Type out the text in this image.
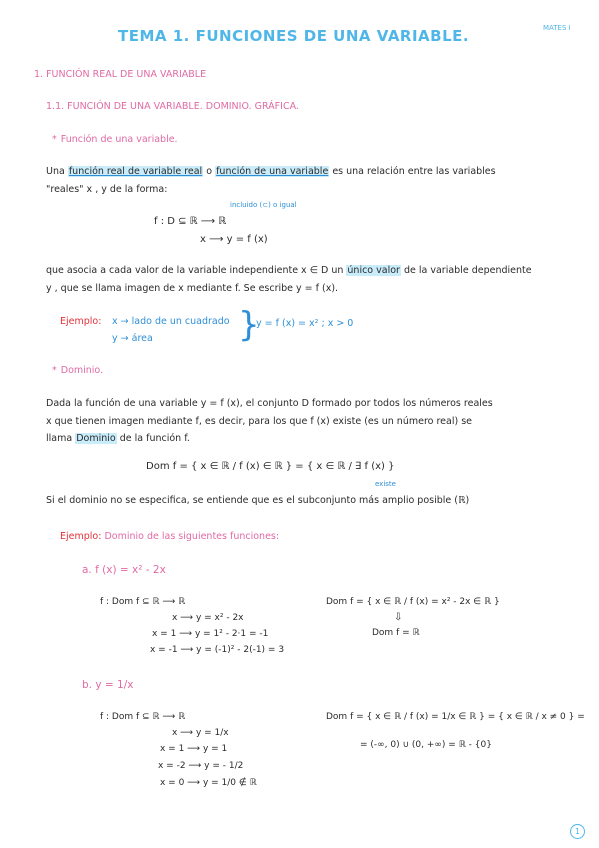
MATES I
TEMA 1. FUNCIONES DE UNA VARIABLE.
1. FUNCIÓN REAL DE UNA VARIABLE
1.1. FUNCIÓN DE UNA VARIABLE. DOMINIO. GRÁFICA.
* Función de una variable.
Una función real de variable real o función de una variable es una relación entre las variables
"reales" x , y de la forma:
incluido (⊂) o igual
f : D ⊆ ℝ ⟶ ℝ
x ⟶ y = f (x)
que asocia a cada valor de la variable independiente x ∈ D un único valor de la variable dependiente
y , que se llama imagen de x mediante f. Se escribe y = f (x).
Ejemplo: x → lado de un cuadrado
y → área	}
y = f (x) = x² ; x > 0
* Dominio.
Dada la función de una variable y = f (x), el conjunto D formado por todos los números reales
x que tienen imagen mediante f, es decir, para los que f (x) existe (es un número real) se
llama Dominio de la función f.
Dom f = { x ∈ ℝ / f (x) ∈ ℝ } = { x ∈ ℝ / ∃ f (x) }
existe
Si el dominio no se especifica, se entiende que es el subconjunto más amplio posible (ℝ)
Ejemplo: Dominio de las siguientes funciones:
a. f (x) = x² - 2x
f : Dom f ⊆ ℝ ⟶ ℝ
x ⟶ y = x² - 2x
x = 1 ⟶ y = 1² - 2·1 = -1
x = -1 ⟶ y = (-1)² - 2(-1) = 3
Dom f = { x ∈ ℝ / f (x) = x² - 2x ∈ ℝ }
⇩
Dom f = ℝ
b. y = 1/x
f : Dom f ⊆ ℝ ⟶ ℝ
x ⟶ y = 1/x
x = 1 ⟶ y = 1
x = -2 ⟶ y = - 1/2
x = 0 ⟶ y = 1/0 ∉ ℝ
Dom f = { x ∈ ℝ / f (x) = 1/x ∈ ℝ } = { x ∈ ℝ / x ≠ 0 } =
= (-∞, 0) ∪ (0, +∞) = ℝ - {0}
1
